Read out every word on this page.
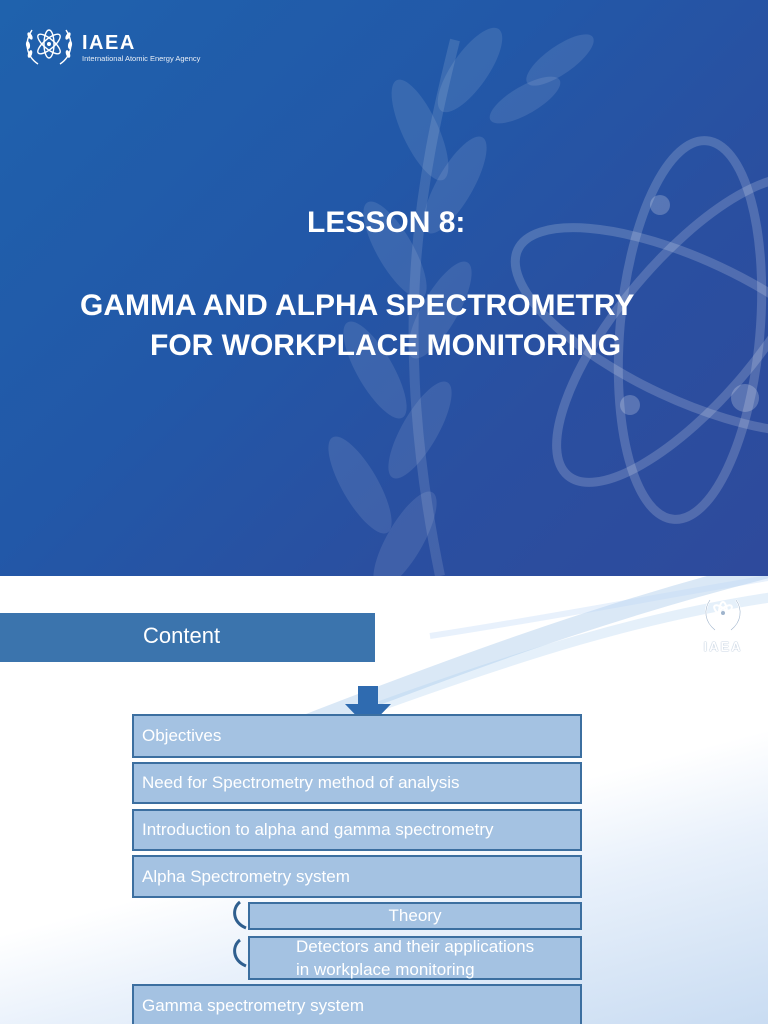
IAEA
International Atomic Energy Agency
LESSON 8:
GAMMA AND ALPHA SPECTROMETRY
FOR WORKPLACE MONITORING
Content	IAEA
Objectives
Need for Spectrometry method of analysis
Introduction to alpha and gamma spectrometry
Alpha Spectrometry system
Theory
Detectors and their applications
in workplace monitoring
Gamma spectrometry system
